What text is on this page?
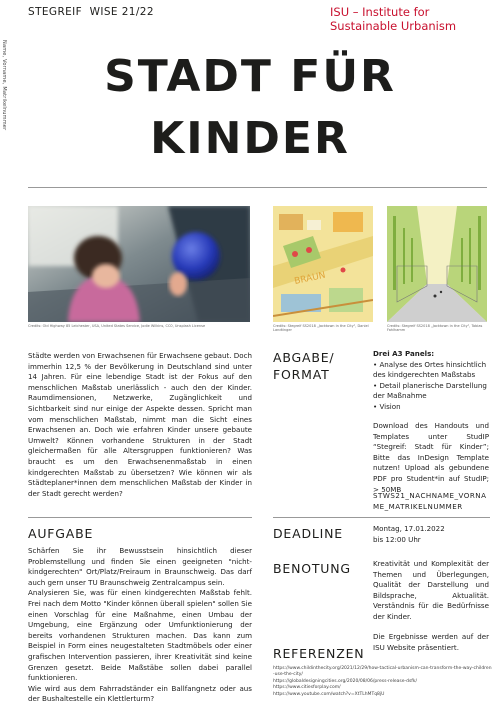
STEGREIF  WISE 21/22	ISU – Institute for
Sustainable Urbanism
Name, Vorname, Matrikelnummer	STADT FÜR
KINDER
Credits: Old Highway 85 Leichester, USA, United States Service, Jodie Wilkins, CC0, Unsplash License
BRAUN
Credits: Stegreif SS2018 „Jacktown in the City", Daniel Landtinger
Credits: Stegreif SS2018 „Jacktown in the City", Tobias Fahlhamm
Städte werden von Erwachsenen für Erwachsene gebaut. Doch immerhin 12,5 % der Bevölkerung in Deutschland sind unter 14 Jahren. Für eine lebendige Stadt ist der Fokus auf den menschlichen Maßstab unerlässlich - auch den der Kinder. Raumdimensionen, Netzwerke, Zugänglichkeit und Sichtbarkeit sind nur einige der Aspekte dessen. Spricht man vom menschlichen Maßstab, nimmt man die Sicht eines Erwachsenen an. Doch wie erfahren Kinder unsere gebaute Umwelt? Können vorhandene Strukturen in der Stadt gleichermaßen für alle Altersgruppen funktionieren? Was braucht es um den Erwachsenenmaßstab in einen kindgerechten Maßstab zu übersetzen? Wie können wir als Städteplaner*innen dem menschlichen Maßstab der Kinder in der Stadt gerecht werden?
ABGABE/
FORMAT
Drei A3 Panels:
• Analyse des Ortes hinsichtlich des kindgerechten Maßstabs
• Detail planerische Darstellung der Maßnahme
• Vision
Download des Handouts und Templates unter StudIP “Stegreif: Stadt für Kinder”; Bitte das InDesign Template nutzen! Upload als gebundene PDF pro Student*in auf StudIP; > 50MB
STWS21_NACHNAME_VORNAME_MATRIKELNUMMER
AUFGABE
Schärfen Sie ihr Bewusstsein hinsichtlich dieser Problemstellung und finden Sie einen geeigneten "nicht-kindgerechten" Ort/Platz/Freiraum in Braunschweig. Das darf auch gern unser TU Braunschweig Zentralcampus sein.
Analysieren Sie, was für einen kindgerechten Maßstab fehlt. Frei nach dem Motto "Kinder können überall spielen" sollen Sie einen Vorschlag für eine Maßnahme, einen Umbau der Umgebung, eine Ergänzung oder Umfunktionierung der bereits vorhandenen Strukturen machen. Das kann zum Beispiel in Form eines neugestalteten Stadtmöbels oder einer grafischen Intervention passieren, ihrer Kreativität sind keine Grenzen gesetzt. Beide Maßstäbe sollen dabei parallel funktionieren.
Wie wird aus dem Fahrradständer ein Ballfangnetz oder aus der Bushaltestelle ein Klettlerturm?
DEADLINE	Montag, 17.01.2022
bis 12:00 Uhr
BENOTUNG	Kreativität und Komplexität der Themen und Überlegungen, Qualität der Darstellung und Bildsprache, Aktualität. Verständnis für die Bedürfnisse der Kinder.
Die Ergebnisse werden auf der ISU Website präsentiert.
REFERENZEN
https://www.childinthecity.org/2021/12/29/how-tactical-urbanism-can-transform-the-way-children-use-the-city/
https://globaldesigningcities.org/2020/08/06/press-release-dsfk/
https://www.citiesforplay.com/
https://www.youtube.com/watch?v=XtTLhMTq8jU
